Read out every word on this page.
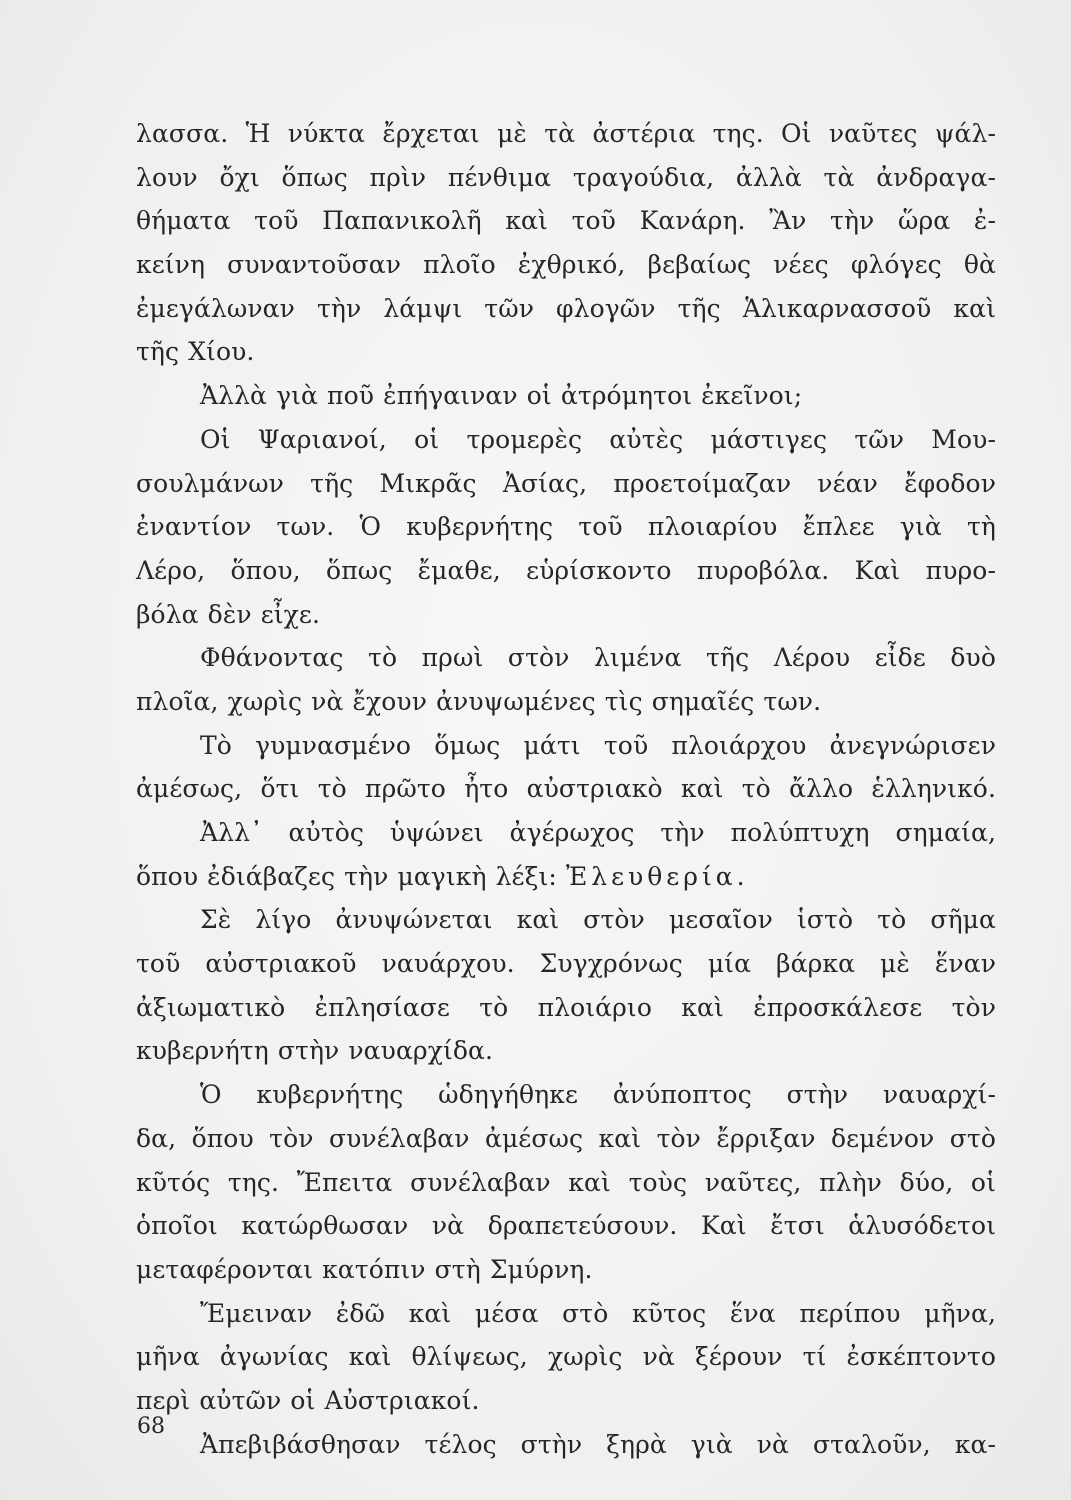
λασσα. Ἡ νύκτα ἔρχεται μὲ τὰ ἀστέρια της. Οἱ ναῦτες ψάλ-
λουν ὄχι ὅπως πρὶν πένθιμα τραγούδια, ἀλλὰ τὰ ἀνδραγα-
θήματα τοῦ Παπανικολῆ καὶ τοῦ Κανάρη. Ἂν τὴν ὥρα ἐ-
κείνη συναντοῦσαν πλοῖο ἐχθρικό, βεβαίως νέες φλόγες θὰ
ἐμεγάλωναν τὴν λάμψι τῶν φλογῶν τῆς Ἁλικαρνασσοῦ καὶ
τῆς Χίου.
Ἀλλὰ γιὰ ποῦ ἐπήγαιναν οἱ ἀτρόμητοι ἐκεῖνοι;
Οἱ Ψαριανοί, οἱ τρομερὲς αὐτὲς μάστιγες τῶν Μου-
σουλμάνων τῆς Μικρᾶς Ἀσίας, προετοίμαζαν νέαν ἔφοδον
ἐναντίον των. Ὁ κυβερνήτης τοῦ πλοιαρίου ἔπλεε γιὰ τὴ
Λέρο, ὅπου, ὅπως ἔμαθε, εὑρίσκοντο πυροβόλα. Καὶ πυρο-
βόλα δὲν εἶχε.
Φθάνοντας τὸ πρωὶ στὸν λιμένα τῆς Λέρου εἶδε δυὸ
πλοῖα, χωρὶς νὰ ἔχουν ἀνυψωμένες τὶς σημαῖές των.
Τὸ γυμνασμένο ὅμως μάτι τοῦ πλοιάρχου ἀνεγνώρισεν
ἀμέσως, ὅτι τὸ πρῶτο ἦτο αὐστριακὸ καὶ τὸ ἄλλο ἑλληνικό.
Ἀλλ᾿ αὐτὸς ὑψώνει ἀγέρωχος τὴν πολύπτυχη σημαία,
ὅπου ἐδιάβαζες τὴν μαγικὴ λέξι: Ἐλευθερία.
Σὲ λίγο ἀνυψώνεται καὶ στὸν μεσαῖον ἱστὸ τὸ σῆμα
τοῦ αὐστριακοῦ ναυάρχου. Συγχρόνως μία βάρκα μὲ ἕναν
ἀξιωματικὸ ἐπλησίασε τὸ πλοιάριο καὶ ἐπροσκάλεσε τὸν
κυβερνήτη στὴν ναυαρχίδα.
Ὁ κυβερνήτης ὡδηγήθηκε ἀνύποπτος στὴν ναυαρχί-
δα, ὅπου τὸν συνέλαβαν ἀμέσως καὶ τὸν ἔρριξαν δεμένον στὸ
κῦτός της. Ἔπειτα συνέλαβαν καὶ τοὺς ναῦτες, πλὴν δύο, οἱ
ὁποῖοι κατώρθωσαν νὰ δραπετεύσουν. Καὶ ἔτσι ἁλυσόδετοι
μεταφέρονται κατόπιν στὴ Σμύρνη.
Ἔμειναν ἐδῶ καὶ μέσα στὸ κῦτος ἕνα περίπου μῆνα,
μῆνα ἀγωνίας καὶ θλίψεως, χωρὶς νὰ ξέρουν τί ἐσκέπτοντο
περὶ αὐτῶν οἱ Αὐστριακοί.
Ἀπεβιβάσθησαν τέλος στὴν ξηρὰ γιὰ νὰ σταλοῦν, κα-
68
